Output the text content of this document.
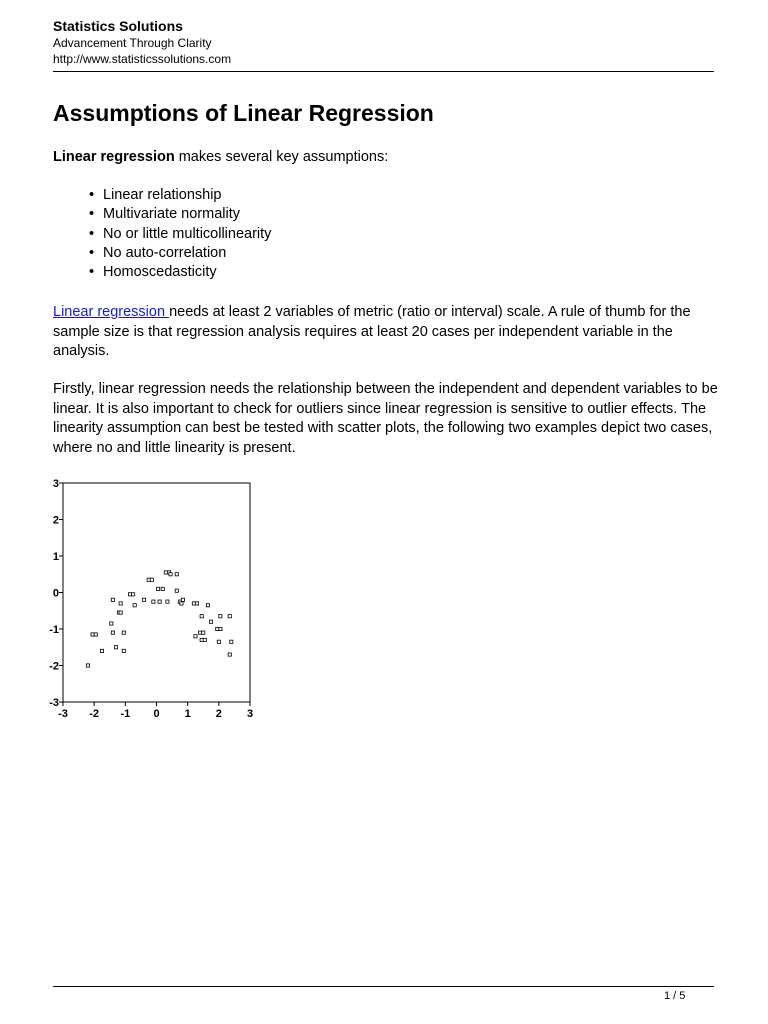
Statistics Solutions
Advancement Through Clarity
http://www.statisticssolutions.com
Assumptions of Linear Regression

Linear regression makes several key assumptions:

• Linear relationship
• Multivariate normality
• No or little multicollinearity
• No auto-correlation
• Homoscedasticity

Linear regression needs at least 2 variables of metric (ratio or interval) scale. A rule of thumb for the sample size is that regression analysis requires at least 20 cases per independent variable in the analysis.

Firstly, linear regression needs the relationship between the independent and dependent variables to be linear. It is also important to check for outliers since linear regression is sensitive to outlier effects. The linearity assumption can best be tested with scatter plots, the following two examples depict two cases, where no and little linearity is present.

3
2
1
0
-1
-2
-3
-3 -2 -1 0 1 2 3
1 / 5
